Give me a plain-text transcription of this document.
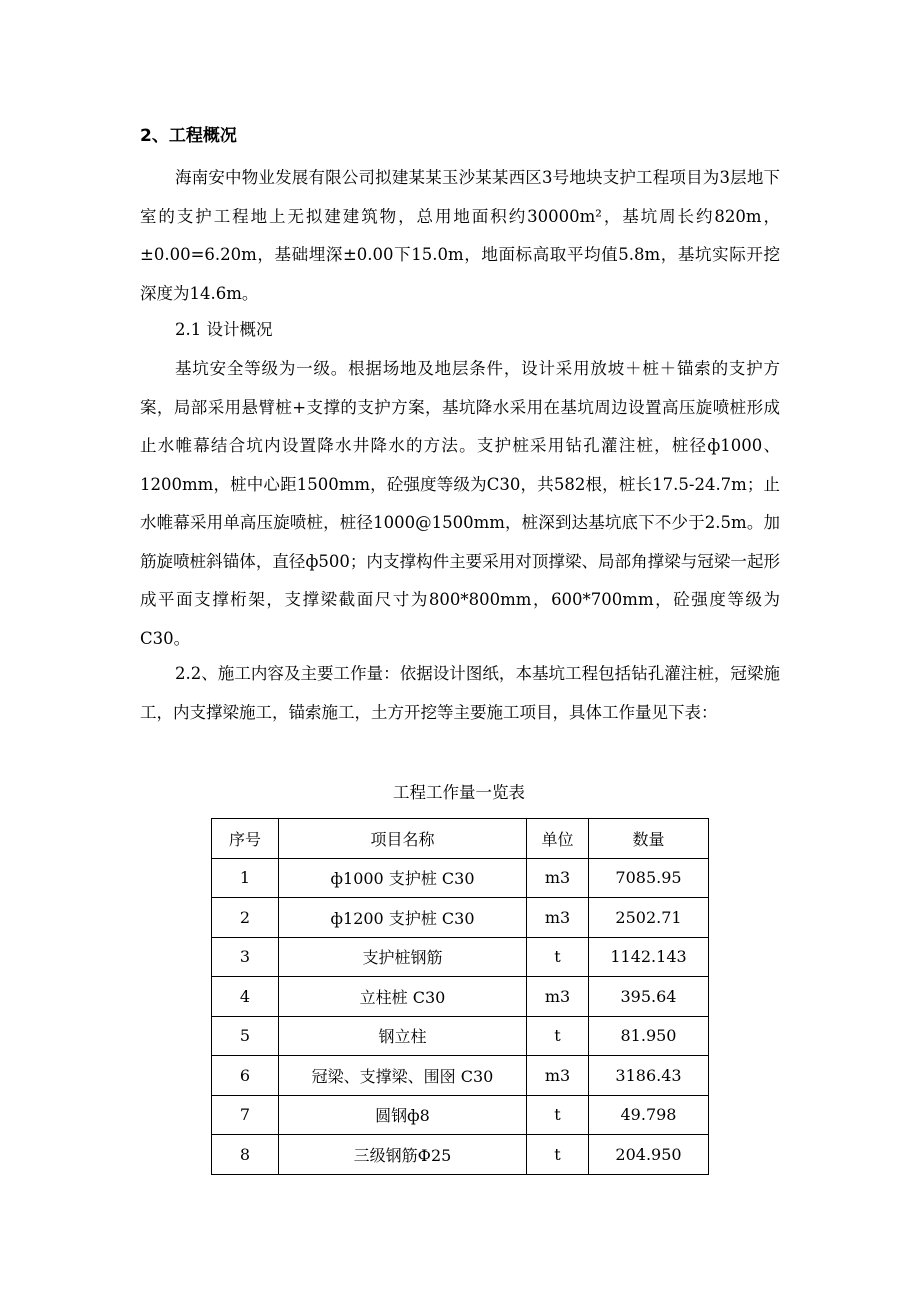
2、工程概况

海南安中物业发展有限公司拟建某某玉沙某某西区3号地块支护工程项目为3层地下室的支护工程地上无拟建建筑物，总用地面积约30000m²，基坑周长约820m，±0.00=6.20m，基础埋深±0.00下15.0m，地面标高取平均值5.8m，基坑实际开挖深度为14.6m。

2.1 设计概况

基坑安全等级为一级。根据场地及地层条件，设计采用放坡＋桩＋锚索的支护方案，局部采用悬臂桩+支撑的支护方案，基坑降水采用在基坑周边设置高压旋喷桩形成止水帷幕结合坑内设置降水井降水的方法。支护桩采用钻孔灌注桩，桩径ф1000、1200mm，桩中心距1500mm，砼强度等级为C30，共582根，桩长17.5-24.7m；止水帷幕采用单高压旋喷桩，桩径1000@1500mm，桩深到达基坑底下不少于2.5m。加筋旋喷桩斜锚体，直径ф500；内支撑构件主要采用对顶撑梁、局部角撑梁与冠梁一起形成平面支撑桁架，支撑梁截面尺寸为800*800mm，600*700mm，砼强度等级为C30。

2.2、施工内容及主要工作量：依据设计图纸，本基坑工程包括钻孔灌注桩，冠梁施工，内支撑梁施工，锚索施工，土方开挖等主要施工项目，具体工作量见下表：

工程工作量一览表
序号	项目名称	单位	数量
1	ф1000 支护桩 C30	m3	7085.95
2	ф1200 支护桩 C30	m3	2502.71
3	支护桩钢筋	t	1142.143
4	立柱桩 C30	m3	395.64
5	钢立柱	t	81.950
6	冠梁、支撑梁、围囹 C30	m3	3186.43
7	圆钢ф8	t	49.798
8	三级钢筋Ф25	t	204.950
